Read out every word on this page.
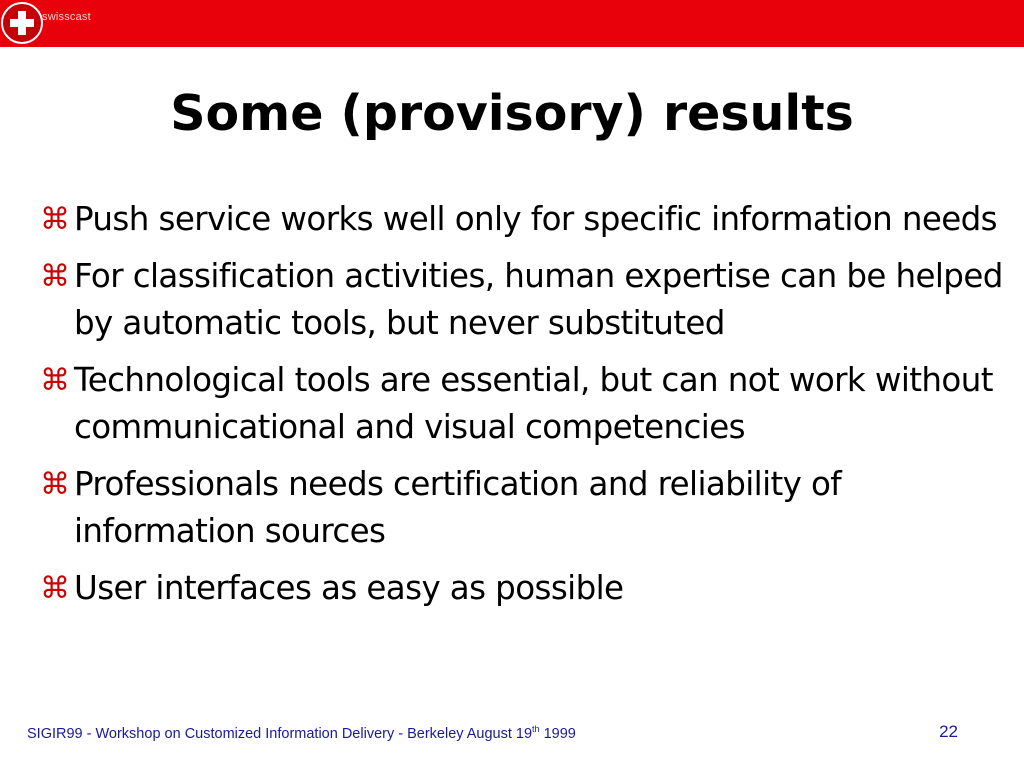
swisscast
Some (provisory) results
⌘ Push service works well only for specific information needs
⌘ For classification activities, human expertise can be helped by automatic tools, but never substituted
⌘ Technological tools are essential, but can not work without communicational and visual competencies
⌘ Professionals needs certification and reliability of information sources
⌘ User interfaces as easy as possible
SIGIR99 - Workshop on Customized Information Delivery - Berkeley August 19th 1999	22
